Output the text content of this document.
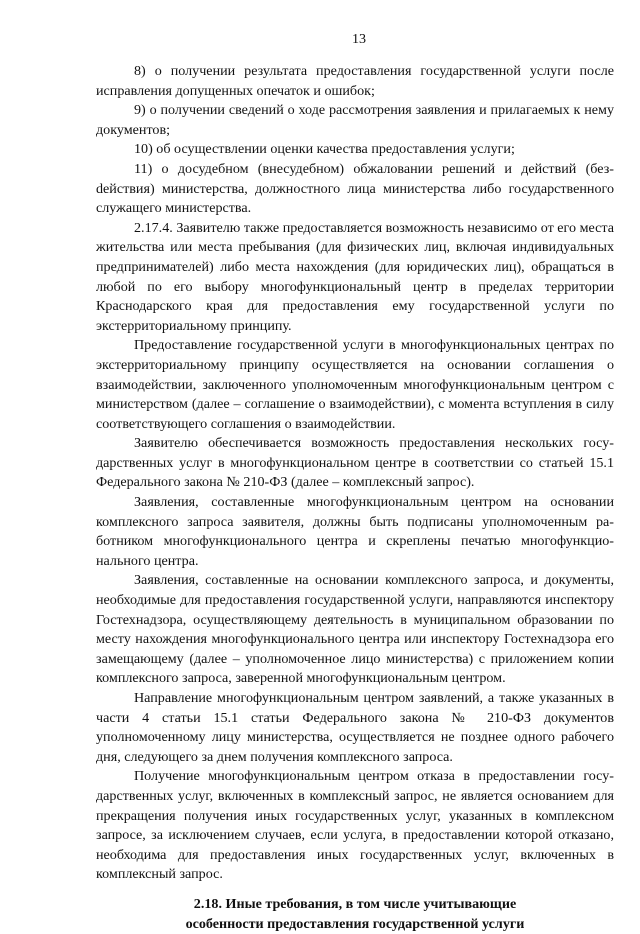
13

8) о получении результата предоставления государственной услуги после исправления допущенных опечаток и ошибок;

9) о получении сведений о ходе рассмотрения заявления и прилагаемых к нему документов;

10) об осуществлении оценки качества предоставления услуги;

11) о досудебном (внесудебном) обжаловании решений и действий (безdействия) министерства, должностного лица министерства либо государственного служащего министерства.

2.17.4. Заявителю также предоставляется возможность независимо от его места жительства или места пребывания (для физических лиц, включая индивидуальных предпринимателей) либо места нахождения (для юридических лиц), обращаться в любой по его выбору многофункциональный центр в пределах территории Краснодарского края для предоставления ему государственной услуги по экстерриториальному принципу.

Предоставление государственной услуги в многофункциональных центрах по экстерриториальному принципу осуществляется на основании соглашения о взаимодействии, заключенного уполномоченным многофункциональным центром с министерством (далее – соглашение о взаимодействии), с момента вступления в силу соответствующего соглашения о взаимодействии.

Заявителю обеспечивается возможность предоставления нескольких государственных услуг в многофункциональном центре в соответствии со статьей 15.1 Федерального закона № 210-ФЗ (далее – комплексный запрос).

Заявления, составленные многофункциональным центром на основании комплексного запроса заявителя, должны быть подписаны уполномоченным работником многофункционального центра и скреплены печатью многофункционального центра.

Заявления, составленные на основании комплексного запроса, и документы, необходимые для предоставления государственной услуги, направляются инспектору Гостехнадзора, осуществляющему деятельность в муниципальном образовании по месту нахождения многофункционального центра или инспектору Гостехнадзора его замещающему (далее – уполномоченное лицо министерства) с приложением копии комплексного запроса, заверенной многофункциональным центром.

Направление многофункциональным центром заявлений, а также указанных в части 4 статьи 15.1 статьи Федерального закона № 210-ФЗ документов уполномоченному лицу министерства, осуществляется не позднее одного рабочего дня, следующего за днем получения комплексного запроса.

Получение многофункциональным центром отказа в предоставлении государственных услуг, включенных в комплексный запрос, не является основанием для прекращения получения иных государственных услуг, указанных в комплексном запросе, за исключением случаев, если услуга, в предоставлении которой отказано, необходима для предоставления иных государственных услуг, включенных в комплексный запрос.

2.18. Иные требования, в том числе учитывающие
особенности предоставления государственной услуги
